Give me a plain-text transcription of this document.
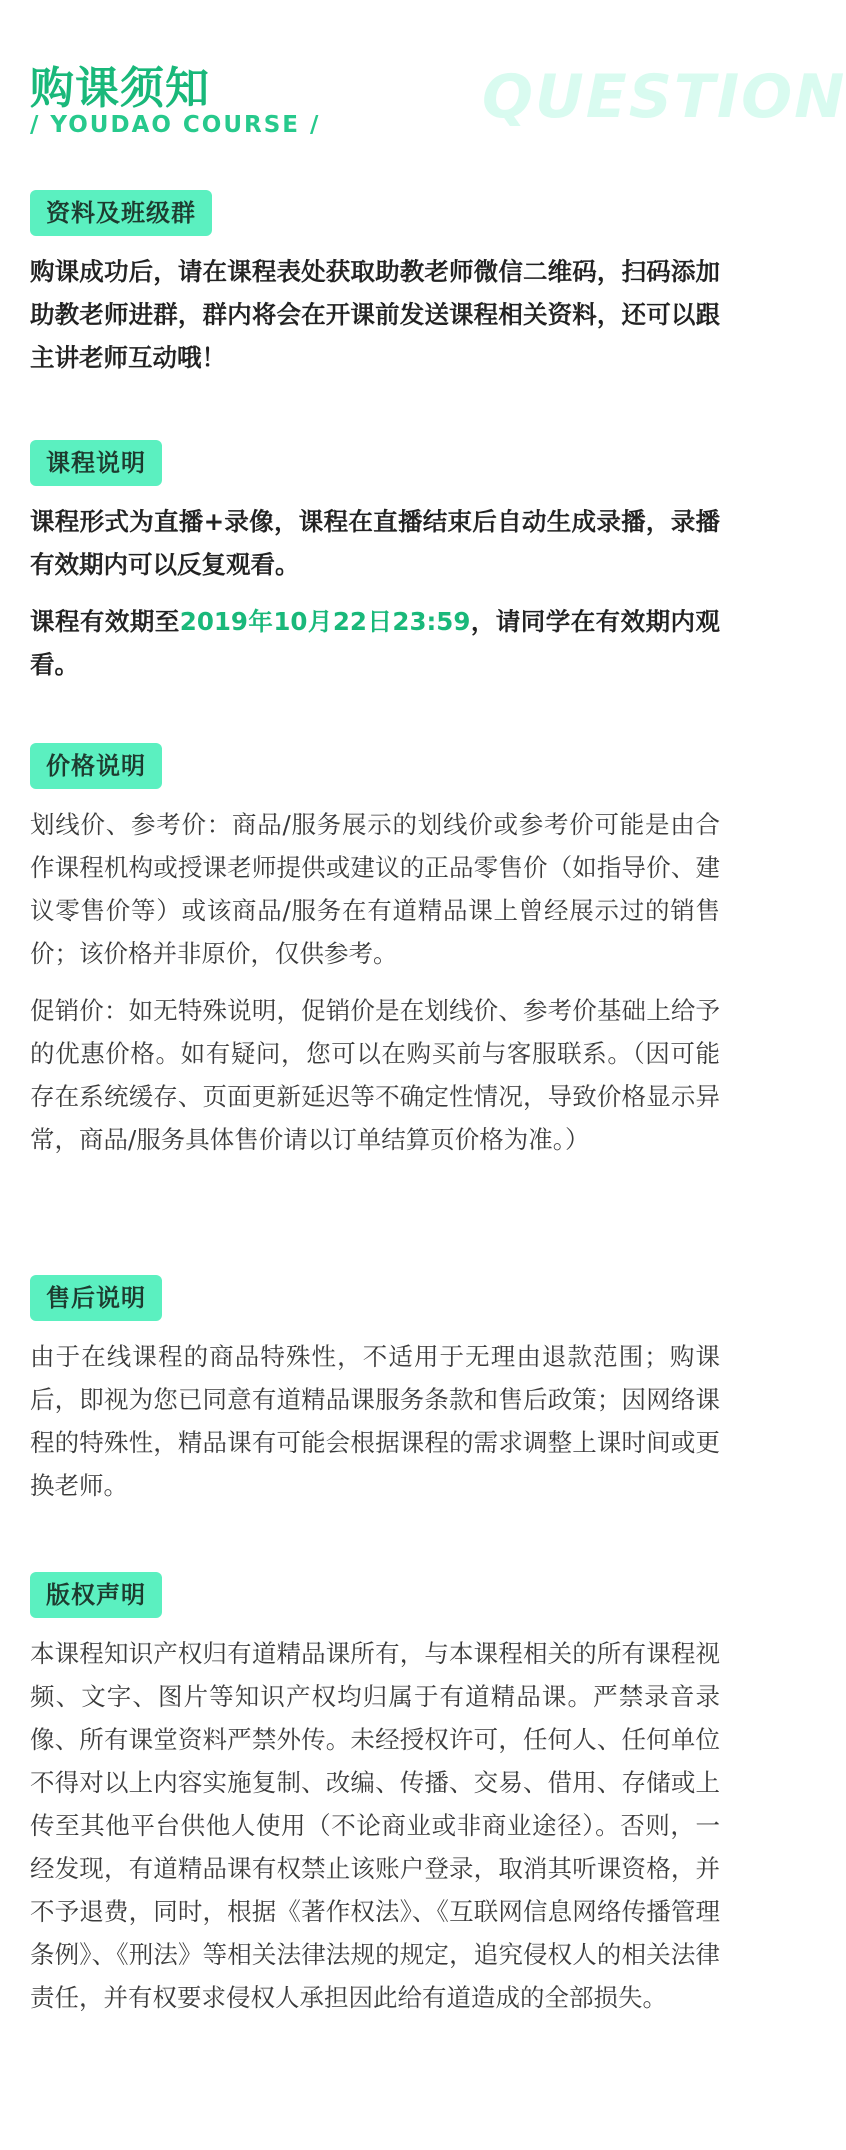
购课须知
/ YOUDAO COURSE /	QUESTION
资料及班级群
购课成功后，请在课程表处获取助教老师微信二维码，扫码添加助教老师进群，群内将会在开课前发送课程相关资料，还可以跟主讲老师互动哦！
课程说明
课程形式为直播+录像，课程在直播结束后自动生成录播，录播有效期内可以反复观看。
课程有效期至2019年10月22日23:59，请同学在有效期内观看。
价格说明
划线价、参考价：商品/服务展示的划线价或参考价可能是由合作课程机构或授课老师提供或建议的正品零售价（如指导价、建议零售价等）或该商品/服务在有道精品课上曾经展示过的销售价；该价格并非原价，仅供参考。
促销价：如无特殊说明，促销价是在划线价、参考价基础上给予的优惠价格。如有疑问，您可以在购买前与客服联系。（因可能存在系统缓存、页面更新延迟等不确定性情况，导致价格显示异常，商品/服务具体售价请以订单结算页价格为准。）
售后说明
由于在线课程的商品特殊性，不适用于无理由退款范围；购课后，即视为您已同意有道精品课服务条款和售后政策；因网络课程的特殊性，精品课有可能会根据课程的需求调整上课时间或更换老师。
版权声明
本课程知识产权归有道精品课所有，与本课程相关的所有课程视频、文字、图片等知识产权均归属于有道精品课。严禁录音录像、所有课堂资料严禁外传。未经授权许可，任何人、任何单位不得对以上内容实施复制、改编、传播、交易、借用、存储或上传至其他平台供他人使用（不论商业或非商业途径）。否则，一经发现，有道精品课有权禁止该账户登录，取消其听课资格，并不予退费，同时，根据《著作权法》、《互联网信息网络传播管理条例》、《刑法》等相关法律法规的规定，追究侵权人的相关法律责任，并有权要求侵权人承担因此给有道造成的全部损失。
